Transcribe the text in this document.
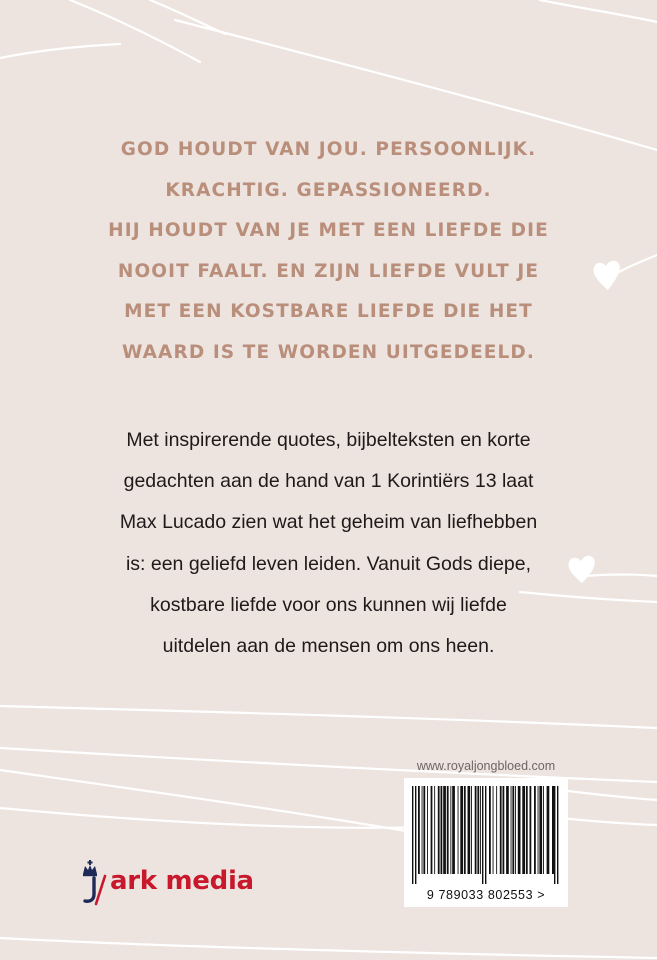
GOD HOUDT VAN JOU. PERSOONLIJK.
KRACHTIG. GEPASSIONEERD.
HIJ HOUDT VAN JE MET EEN LIEFDE DIE
NOOIT FAALT. EN ZIJN LIEFDE VULT JE
MET EEN KOSTBARE LIEFDE DIE HET
WAARD IS TE WORDEN UITGEDEELD.
Met inspirerende quotes, bijbelteksten en korte
gedachten aan de hand van 1 Korintiërs 13 laat
Max Lucado zien wat het geheim van liefhebben
is: een geliefd leven leiden. Vanuit Gods diepe,
kostbare liefde voor ons kunnen wij liefde
uitdelen aan de mensen om ons heen.
www.royaljongbloed.com
9 789033 802553 >
ark media
